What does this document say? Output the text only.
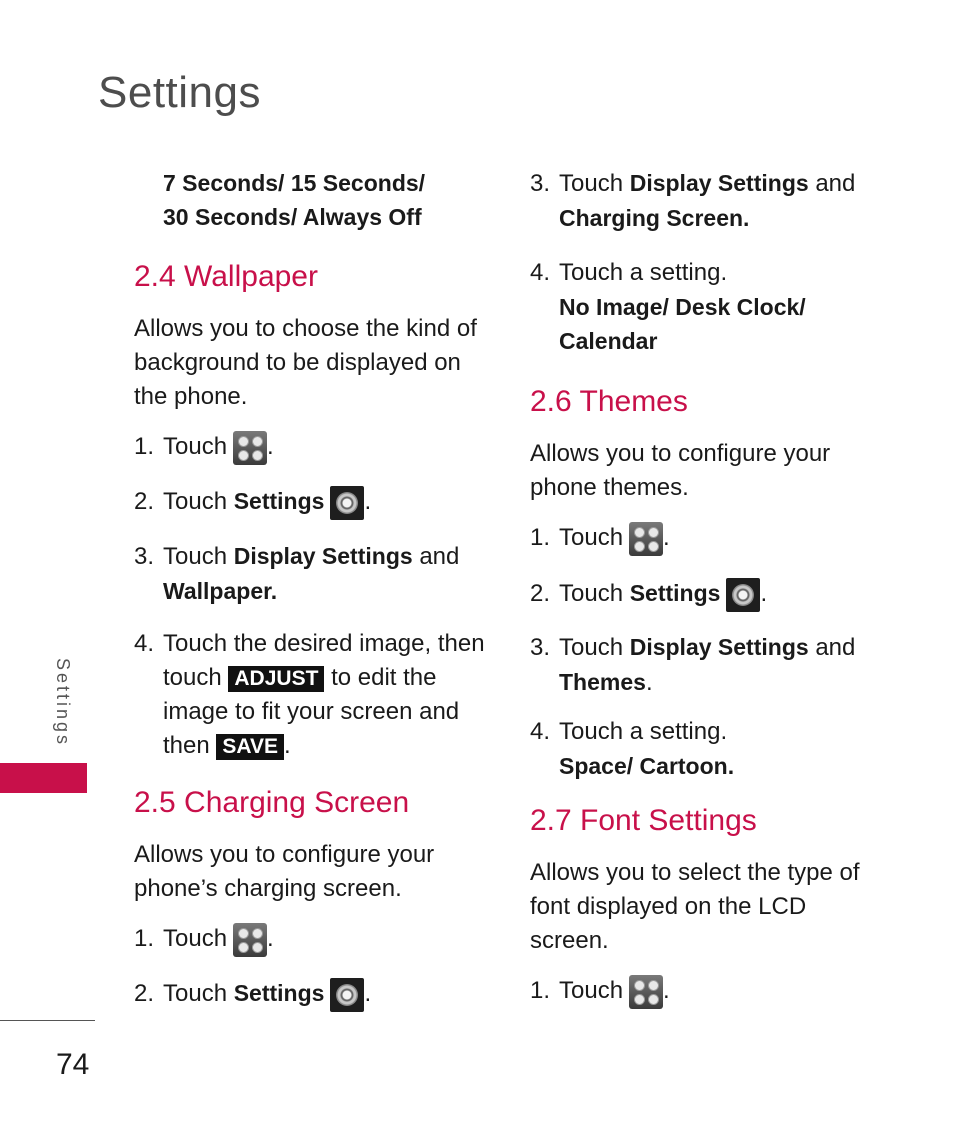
Settings
7 Seconds/ 15 Seconds/
30 Seconds/ Always Off
2.4 Wallpaper
Allows you to choose the kind of background to be displayed on the phone.
1. Touch .
2. Touch Settings .
3. Touch Display Settings and
Wallpaper.
4. Touch the desired image, then
touch ADJUST to edit the
image to fit your screen and
then SAVE .
2.5 Charging Screen
Allows you to configure your phone’s charging screen.
1. Touch .
2. Touch Settings .
3. Touch Display Settings and
Charging Screen.
4. Touch a setting.
No Image/ Desk Clock/
Calendar
2.6 Themes
Allows you to configure your phone themes.
1. Touch .
2. Touch Settings .
3. Touch Display Settings and
Themes.
4. Touch a setting.
Space/ Cartoon.
2.7 Font Settings
Allows you to select the type of font displayed on the LCD screen.
1. Touch .
Settings
74
